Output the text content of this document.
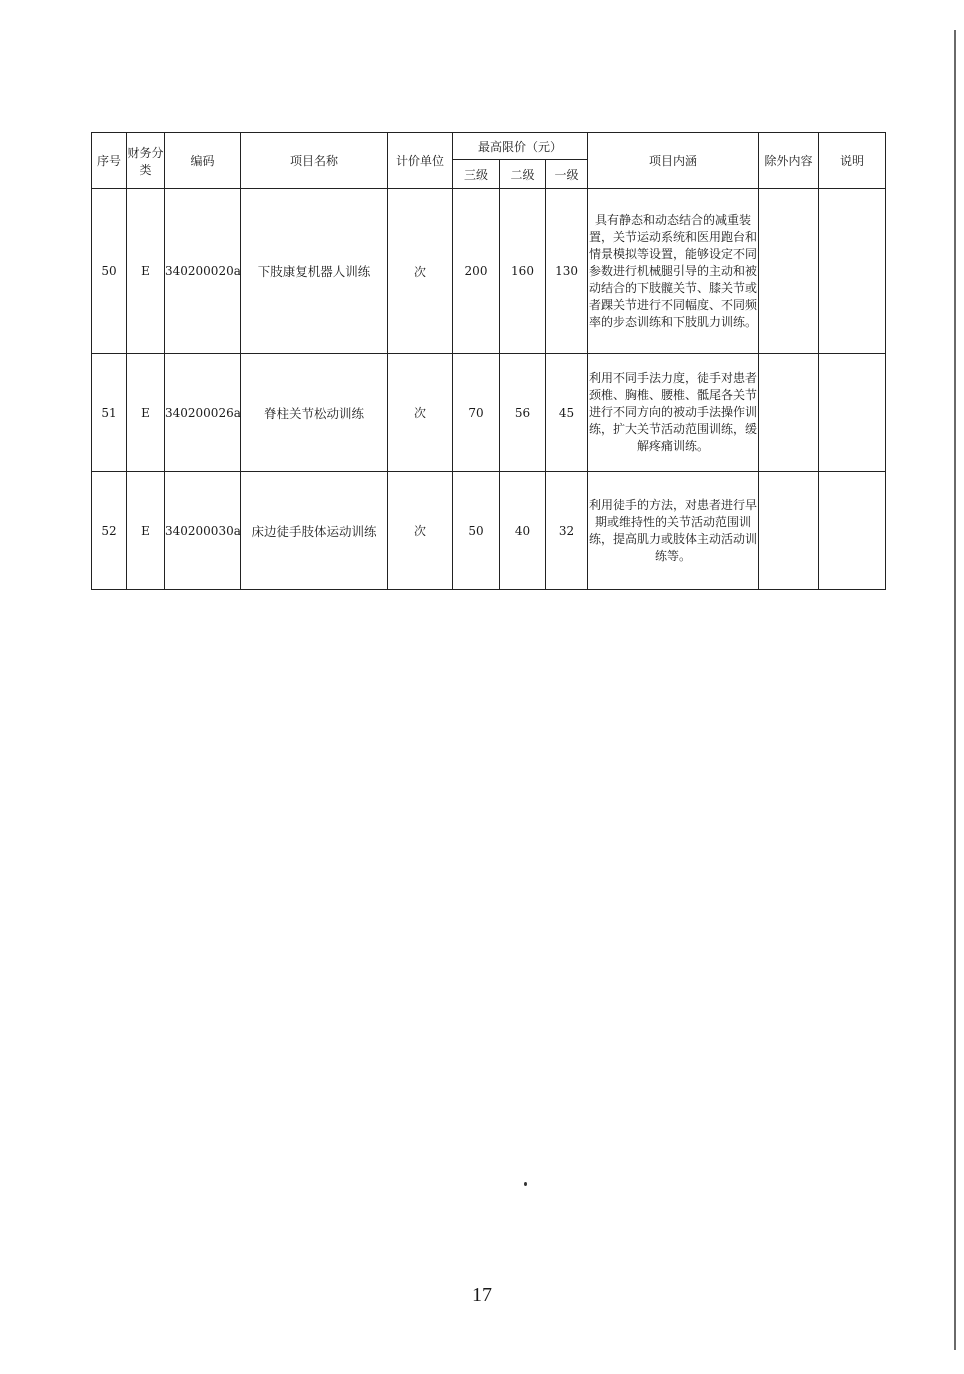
序号	财务分类	编码	项目名称	计价单位	最高限价（元）			项目内涵	除外内容	说明
					三级	二级	一级			
50	E	340200020a	下肢康复机器人训练	次	200	160	130	具有静态和动态结合的减重装置，关节运动系统和医用跑台和情景模拟等设置，能够设定不同参数进行机械腿引导的主动和被动结合的下肢髋关节、膝关节或者踝关节进行不同幅度、不同频率的步态训练和下肢肌力训练。		
51	E	340200026a	脊柱关节松动训练	次	70	56	45	利用不同手法力度，徒手对患者颈椎、胸椎、腰椎、骶尾各关节进行不同方向的被动手法操作训练，扩大关节活动范围训练，缓解疼痛训练。		
52	E	340200030a	床边徒手肢体运动训练	次	50	40	32	利用徒手的方法，对患者进行早期或维持性的关节活动范围训练，提高肌力或肢体主动活动训练等。		
17
